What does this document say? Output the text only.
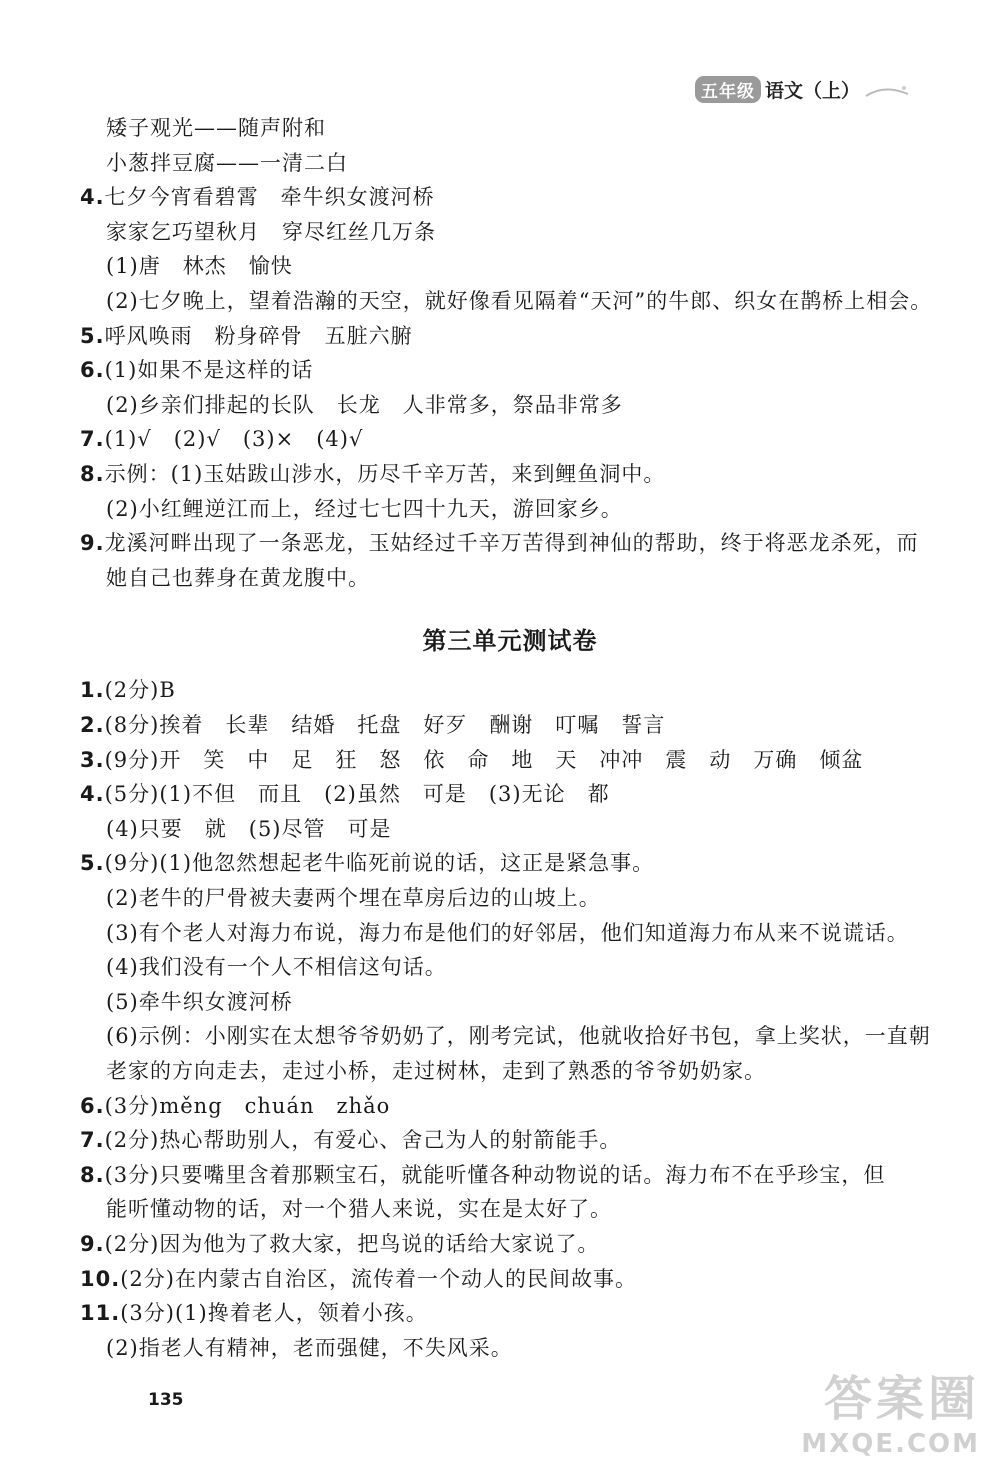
五年级 语文（上）
第三单元测试卷
矮子观光——随声附和
小葱拌豆腐——一清二白
4.七夕今宵看碧霄　牵牛织女渡河桥
家家乞巧望秋月　穿尽红丝几万条
(1)唐　林杰　愉快
(2)七夕晚上，望着浩瀚的天空，就好像看见隔着“天河”的牛郎、织女在鹊桥上相会。
5.呼风唤雨　粉身碎骨　五脏六腑
6.(1)如果不是这样的话
(2)乡亲们排起的长队　长龙　人非常多，祭品非常多
7.(1)√　(2)√　(3)×　(4)√
8.示例：(1)玉姑跋山涉水，历尽千辛万苦，来到鲤鱼洞中。
(2)小红鲤逆江而上，经过七七四十九天，游回家乡。
9.龙溪河畔出现了一条恶龙，玉姑经过千辛万苦得到神仙的帮助，终于将恶龙杀死，而
她自己也葬身在黄龙腹中。
1.(2分)B
2.(8分)挨着　长辈　结婚　托盘　好歹　酬谢　叮嘱　誓言
3.(9分)开　笑　中　足　狂　怒　依　命　地　天　冲冲　震　动　万确　倾盆
4.(5分)(1)不但　而且　(2)虽然　可是　(3)无论　都
(4)只要　就　(5)尽管　可是
5.(9分)(1)他忽然想起老牛临死前说的话，这正是紧急事。
(2)老牛的尸骨被夫妻两个埋在草房后边的山坡上。
(3)有个老人对海力布说，海力布是他们的好邻居，他们知道海力布从来不说谎话。
(4)我们没有一个人不相信这句话。
(5)牵牛织女渡河桥
(6)示例：小刚实在太想爷爷奶奶了，刚考完试，他就收拾好书包，拿上奖状，一直朝
老家的方向走去，走过小桥，走过树林，走到了熟悉的爷爷奶奶家。
6.(3分)měng　chuán　zhǎo
7.(2分)热心帮助别人，有爱心、舍己为人的射箭能手。
8.(3分)只要嘴里含着那颗宝石，就能听懂各种动物说的话。海力布不在乎珍宝，但
能听懂动物的话，对一个猎人来说，实在是太好了。
9.(2分)因为他为了救大家，把鸟说的话给大家说了。
10.(2分)在内蒙古自治区，流传着一个动人的民间故事。
11.(3分)(1)搀着老人，领着小孩。
(2)指老人有精神，老而强健，不失风采。
135	答案圈
MXQE.COM
